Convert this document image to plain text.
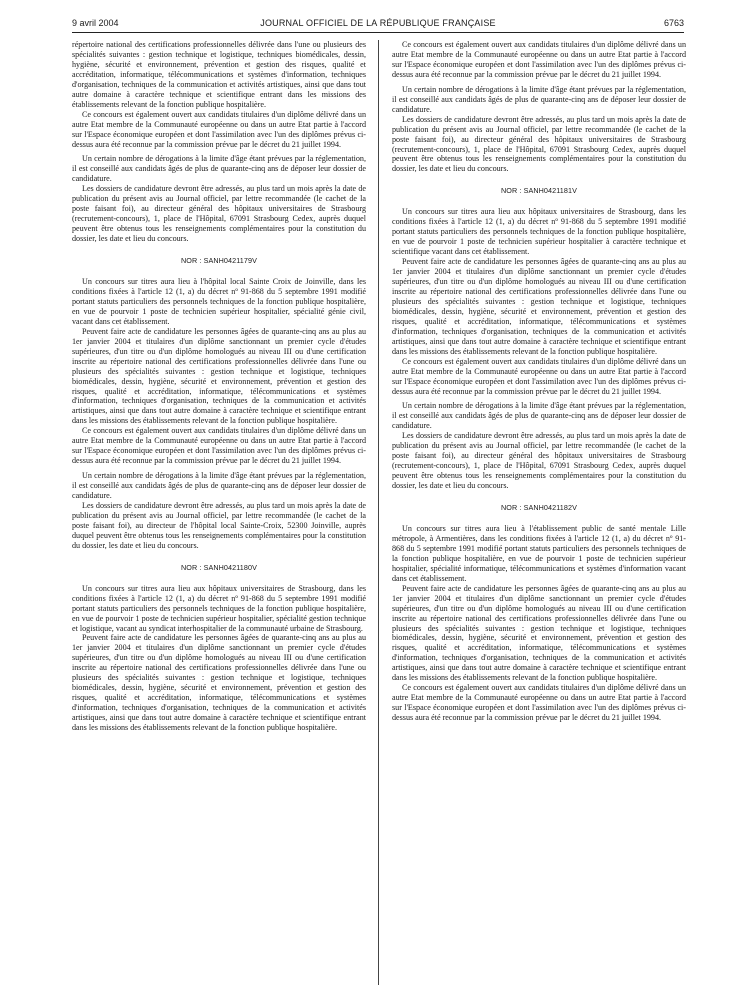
9 avril 2004	JOURNAL OFFICIEL DE LA RÉPUBLIQUE FRANÇAISE	6763

répertoire national des certifications professionnelles délivrée dans l'une ou plusieurs des spécialités suivantes : gestion technique et logistique, techniques biomédicales, dessin, hygiène, sécurité et environnement, prévention et gestion des risques, qualité et accréditation, informatique, télécommunications et systèmes d'information, techniques d'organisation, techniques de la communication et activités artistiques, ainsi que dans tout autre domaine à caractère technique et scientifique entrant dans les missions des établissements relevant de la fonction publique hospitalière.

Ce concours est également ouvert aux candidats titulaires d'un diplôme délivré dans un autre Etat membre de la Communauté européenne ou dans un autre Etat partie à l'accord sur l'Espace économique européen et dont l'assimilation avec l'un des diplômes prévus ci-dessus aura été reconnue par la commission prévue par le décret du 21 juillet 1994.

Un certain nombre de dérogations à la limite d'âge étant prévues par la réglementation, il est conseillé aux candidats âgés de plus de quarante-cinq ans de déposer leur dossier de candidature.

Les dossiers de candidature devront être adressés, au plus tard un mois après la date de publication du présent avis au Journal officiel, par lettre recommandée (le cachet de la poste faisant foi), au directeur général des hôpitaux universitaires de Strasbourg (recrutement-concours), 1, place de l'Hôpital, 67091 Strasbourg Cedex, auprès duquel peuvent être obtenus tous les renseignements complémentaires pour la constitution du dossier, les date et lieu du concours.

NOR : SANH0421179V

Un concours sur titres aura lieu à l'hôpital local Sainte Croix de Joinville, dans les conditions fixées à l'article 12 (1, a) du décret nº 91-868 du 5 septembre 1991 modifié portant statuts particuliers des personnels techniques de la fonction publique hospitalière, en vue de pourvoir 1 poste de technicien supérieur hospitalier, spécialité génie civil, vacant dans cet établissement.

Peuvent faire acte de candidature les personnes âgées de quarante-cinq ans au plus au 1er janvier 2004 et titulaires d'un diplôme sanctionnant un premier cycle d'études supérieures, d'un titre ou d'un diplôme homologués au niveau III ou d'une certification inscrite au répertoire national des certifications professionnelles délivrée dans l'une ou plusieurs des spécialités suivantes : gestion technique et logistique, techniques biomédicales, dessin, hygiène, sécurité et environnement, prévention et gestion des risques, qualité et accréditation, informatique, télécommunications et systèmes d'information, techniques d'organisation, techniques de la communication et activités artistiques, ainsi que dans tout autre domaine à caractère technique et scientifique entrant dans les missions des établissements relevant de la fonction publique hospitalière.

Ce concours est également ouvert aux candidats titulaires d'un diplôme délivré dans un autre Etat membre de la Communauté européenne ou dans un autre Etat partie à l'accord sur l'Espace économique européen et dont l'assimilation avec l'un des diplômes prévus ci-dessus aura été reconnue par la commission prévue par le décret du 21 juillet 1994.

Un certain nombre de dérogations à la limite d'âge étant prévues par la réglementation, il est conseillé aux candidats âgés de plus de quarante-cinq ans de déposer leur dossier de candidature.

Les dossiers de candidature devront être adressés, au plus tard un mois après la date de publication du présent avis au Journal officiel, par lettre recommandée (le cachet de la poste faisant foi), au directeur de l'hôpital local Sainte-Croix, 52300 Joinville, auprès duquel peuvent être obtenus tous les renseignements complémentaires pour la constitution du dossier, les date et lieu du concours.

NOR : SANH0421180V

Un concours sur titres aura lieu aux hôpitaux universitaires de Strasbourg, dans les conditions fixées à l'article 12 (1, a) du décret nº 91-868 du 5 septembre 1991 modifié portant statuts particuliers des personnels techniques de la fonction publique hospitalière, en vue de pourvoir 1 poste de technicien supérieur hospitalier, spécialité gestion technique et logistique, vacant au syndicat interhospitalier de la communauté urbaine de Strasbourg.

Peuvent faire acte de candidature les personnes âgées de quarante-cinq ans au plus au 1er janvier 2004 et titulaires d'un diplôme sanctionnant un premier cycle d'études supérieures, d'un titre ou d'un diplôme homologués au niveau III ou d'une certification inscrite au répertoire national des certifications professionnelles délivrée dans l'une ou plusieurs des spécialités suivantes : gestion technique et logistique, techniques biomédicales, dessin, hygiène, sécurité et environnement, prévention et gestion des risques, qualité et accréditation, informatique, télécommunications et systèmes d'information, techniques d'organisation, techniques de la communication et activités artistiques, ainsi que dans tout autre domaine à caractère technique et scientifique entrant dans les missions des établissements relevant de la fonction publique hospitalière.

Ce concours est également ouvert aux candidats titulaires d'un diplôme délivré dans un autre Etat membre de la Communauté européenne ou dans un autre Etat partie à l'accord sur l'Espace économique européen et dont l'assimilation avec l'un des diplômes prévus ci-dessus aura été reconnue par la commission prévue par le décret du 21 juillet 1994.

Un certain nombre de dérogations à la limite d'âge étant prévues par la réglementation, il est conseillé aux candidats âgés de plus de quarante-cinq ans de déposer leur dossier de candidature.

Les dossiers de candidature devront être adressés, au plus tard un mois après la date de publication du présent avis au Journal officiel, par lettre recommandée (le cachet de la poste faisant foi), au directeur général des hôpitaux universitaires de Strasbourg (recrutement-concours), 1, place de l'Hôpital, 67091 Strasbourg Cedex, auprès duquel peuvent être obtenus tous les renseignements complémentaires pour la constitution du dossier, les date et lieu du concours.

NOR : SANH0421181V

Un concours sur titres aura lieu aux hôpitaux universitaires de Strasbourg, dans les conditions fixées à l'article 12 (1, a) du décret nº 91-868 du 5 septembre 1991 modifié portant statuts particuliers des personnels techniques de la fonction publique hospitalière, en vue de pourvoir 1 poste de technicien supérieur hospitalier à caractère technique et scientifique vacant dans cet établissement.

Peuvent faire acte de candidature les personnes âgées de quarante-cinq ans au plus au 1er janvier 2004 et titulaires d'un diplôme sanctionnant un premier cycle d'études supérieures, d'un titre ou d'un diplôme homologués au niveau III ou d'une certification inscrite au répertoire national des certifications professionnelles délivrée dans l'une ou plusieurs des spécialités suivantes : gestion technique et logistique, techniques biomédicales, dessin, hygiène, sécurité et environnement, prévention et gestion des risques, qualité et accréditation, informatique, télécommunications et systèmes d'information, techniques d'organisation, techniques de la communication et activités artistiques, ainsi que dans tout autre domaine à caractère technique et scientifique entrant dans les missions des établissements relevant de la fonction publique hospitalière.

Ce concours est également ouvert aux candidats titulaires d'un diplôme délivré dans un autre Etat membre de la Communauté européenne ou dans un autre Etat partie à l'accord sur l'Espace économique européen et dont l'assimilation avec l'un des diplômes prévus ci-dessus aura été reconnue par la commission prévue par le décret du 21 juillet 1994.

Un certain nombre de dérogations à la limite d'âge étant prévues par la réglementation, il est conseillé aux candidats âgés de plus de quarante-cinq ans de déposer leur dossier de candidature.

Les dossiers de candidature devront être adressés, au plus tard un mois après la date de publication du présent avis au Journal officiel, par lettre recommandée (le cachet de la poste faisant foi), au directeur général des hôpitaux universitaires de Strasbourg (recrutement-concours), 1, place de l'Hôpital, 67091 Strasbourg Cedex, auprès duquel peuvent être obtenus tous les renseignements complémentaires pour la constitution du dossier, les date et lieu du concours.

NOR : SANH0421182V

Un concours sur titres aura lieu à l'établissement public de santé mentale Lille métropole, à Armentières, dans les conditions fixées à l'article 12 (1, a) du décret nº 91-868 du 5 septembre 1991 modifié portant statuts particuliers des personnels techniques de la fonction publique hospitalière, en vue de pourvoir 1 poste de technicien supérieur hospitalier, spécialité informatique, télécommunications et systèmes d'information vacant dans cet établissement.

Peuvent faire acte de candidature les personnes âgées de quarante-cinq ans au plus au 1er janvier 2004 et titulaires d'un diplôme sanctionnant un premier cycle d'études supérieures, d'un titre ou d'un diplôme homologués au niveau III ou d'une certification inscrite au répertoire national des certifications professionnelles délivrée dans l'une ou plusieurs des spécialités suivantes : gestion technique et logistique, techniques biomédicales, dessin, hygiène, sécurité et environnement, prévention et gestion des risques, qualité et accréditation, informatique, télécommunications et systèmes d'information, techniques d'organisation, techniques de la communication et activités artistiques, ainsi que dans tout autre domaine à caractère technique et scientifique entrant dans les missions des établissements relevant de la fonction publique hospitalière.

Ce concours est également ouvert aux candidats titulaires d'un diplôme délivré dans un autre Etat membre de la Communauté européenne ou dans un autre Etat partie à l'accord sur l'Espace économique européen et dont l'assimilation avec l'un des diplômes prévus ci-dessus aura été reconnue par la commission prévue par le décret du 21 juillet 1994.
